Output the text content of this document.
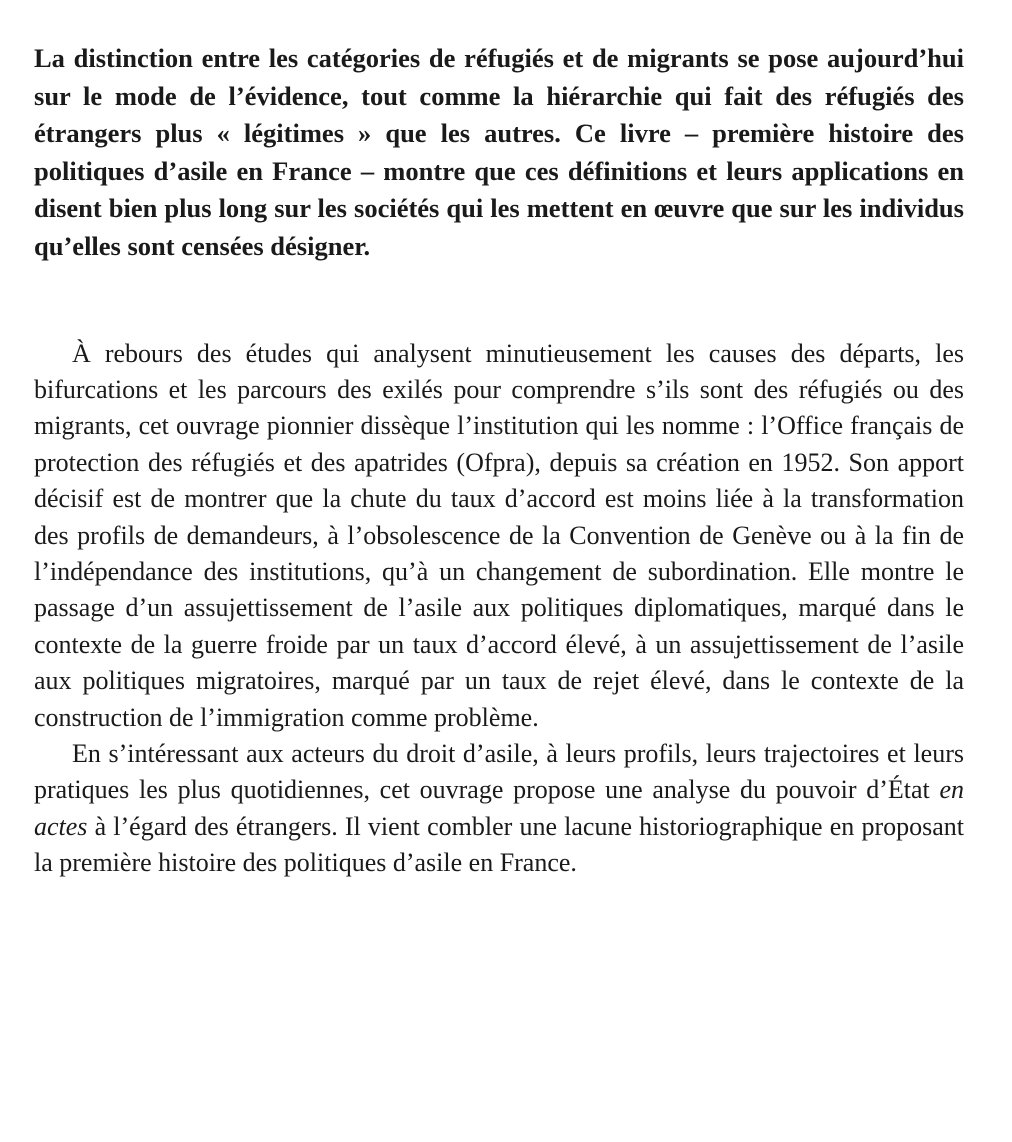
La distinction entre les catégories de réfugiés et de migrants se pose aujourd’hui sur le mode de l’évidence, tout comme la hiérarchie qui fait des réfugiés des étrangers plus « légitimes » que les autres. Ce livre – première histoire des politiques d’asile en France – montre que ces définitions et leurs applications en disent bien plus long sur les sociétés qui les mettent en œuvre que sur les individus qu’elles sont censées désigner.

À rebours des études qui analysent minutieusement les causes des départs, les bifurcations et les parcours des exilés pour comprendre s’ils sont des réfugiés ou des migrants, cet ouvrage pionnier dissèque l’institution qui les nomme : l’Office français de protection des réfugiés et des apatrides (Ofpra), depuis sa création en 1952. Son apport décisif est de montrer que la chute du taux d’accord est moins liée à la transformation des profils de demandeurs, à l’obsolescence de la Convention de Genève ou à la fin de l’indépendance des institutions, qu’à un changement de subordination. Elle montre le passage d’un assujettissement de l’asile aux politiques diplomatiques, marqué dans le contexte de la guerre froide par un taux d’accord élevé, à un assujettissement de l’asile aux politiques migratoires, marqué par un taux de rejet élevé, dans le contexte de la construction de l’immigration comme problème.

En s’intéressant aux acteurs du droit d’asile, à leurs profils, leurs trajectoires et leurs pratiques les plus quotidiennes, cet ouvrage propose une analyse du pouvoir d’État en actes à l’égard des étrangers. Il vient combler une lacune historiographique en proposant la première histoire des politiques d’asile en France.
